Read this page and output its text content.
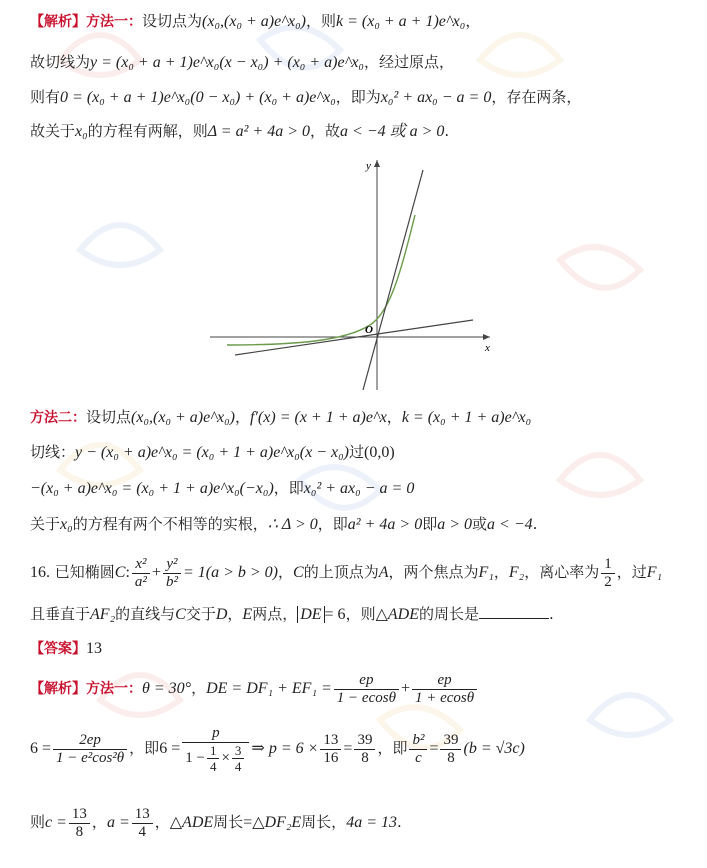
【解析】方法一：设切点为(x₀,(x₀ + a)e^x₀)，则k = (x₀ + a + 1)e^x₀，
故切线为y = (x₀ + a + 1)e^x₀(x − x₀) + (x₀ + a)e^x₀，经过原点，
则有0 = (x₀ + a + 1)e^x₀(0 − x₀) + (x₀ + a)e^x₀，即为x₀² + ax₀ − a = 0，存在两条，
故关于x₀的方程有两解，则Δ = a² + 4a > 0，故a < −4 或 a > 0.
y
x
O
方法二：设切点(x₀,(x₀ + a)e^x₀)，f′(x) = (x + 1 + a)e^x，k = (x₀ + 1 + a)e^x₀
切线：y − (x₀ + a)e^x₀ = (x₀ + 1 + a)e^x₀(x − x₀)过(0,0)
−(x₀ + a)e^x₀ = (x₀ + 1 + a)e^x₀(−x₀)，即x₀² + ax₀ − a = 0
关于x₀的方程有两个不相等的实根，∴ Δ > 0，即a² + 4a > 0即a > 0或a < −4.
16. 已知椭圆C: $\frac{\text{x²}}{\text{a²}} + \frac{\text{y²}}{\text{b²}} = 1(a > b > 0)$，C的上顶点为A，两个焦点为F₁，F₂，离心率为 $\frac{1}{2}$ ，过F₁
且垂直于AF₂的直线与C交于D，E两点， DE = 6，则△ADE的周长是	.
【答案】13
【解析】方法一：θ = 30°，DE = $DF_1 + EF_1 = \frac{ep}{1 - ecos\theta} + \frac{ep}{1 + ecos\theta}$
$6 = \frac{2ep}{\text{1 − e²cos²θ}}$ ，即$6 = \frac{p}{1 - \frac{1}{4} \times \frac{3}{4}}$ ⇒ $p = 6 \times \frac{13}{16} = \frac{39}{8}$ ，即 $\frac{\text{b²}}{c} = \frac{39}{8} (b = √3c)$
则$c = \frac{13}{8}$ ，$a = \frac{13}{4}$ ，△ADE周长=△DF₂E周长，4a = 13.
